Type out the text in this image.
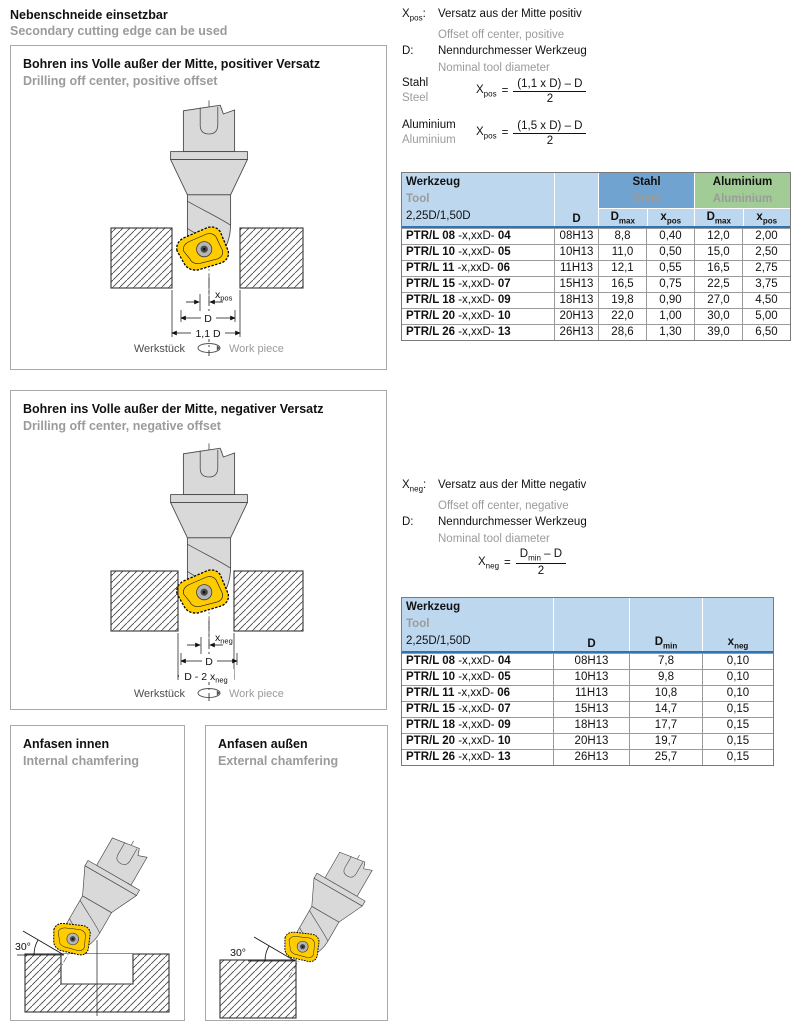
Nebenschneide einsetzbar
Secondary cutting edge can be used
Bohren ins Volle außer der Mitte, positiver Versatz
Drilling off center, positive offset
$x_{pos}$
D
1,1 D
Werkstück	Work piece
Bohren ins Volle außer der Mitte, negativer Versatz
Drilling off center, negative offset
$x_{neg}$
D
D - 2 $x_{neg}$
Werkstück	Work piece
Anfasen innen
Internal chamfering
30°
Anfasen außen
External chamfering
30°
$X_{pos}$:	Versatz aus der Mitte positiv
Offset off center, positive
D:	Nenndurchmesser Werkzeug
Nominal tool diameter
Stahl
Steel
$X_{pos} = \frac{\text{(1,1 x D) – D}}{2}$
Aluminium
Aluminium
$X_{pos} = \frac{\text{(1,5 x D) – D}}{2}$
Werkzeug
Tool
2,25D/1,50D	D
Stahl
Steel
$D_{max}$ $x_{pos}$
Aluminium
Aluminium
$D_{max}$ $x_{pos}$
PTR/L 08 -x,xxD- 04	08H13	8,8	0,40	12,0	2,00
PTR/L 10 -x,xxD- 05	10H13	11,0	0,50	15,0	2,50
PTR/L 11 -x,xxD- 06	11H13	12,1	0,55	16,5	2,75
PTR/L 15 -x,xxD- 07	15H13	16,5	0,75	22,5	3,75
PTR/L 18 -x,xxD- 09	18H13	19,8	0,90	27,0	4,50
PTR/L 20 -x,xxD- 10	20H13	22,0	1,00	30,0	5,00
PTR/L 26 -x,xxD- 13	26H13	28,6	1,30	39,0	6,50
$X_{neg}$:	Versatz aus der Mitte negativ
Offset off center, negative
D:	Nenndurchmesser Werkzeug
Nominal tool diameter
$X_{neg} = \frac{D_{min} - D}{2}$
Werkzeug
Tool
2,25D/1,50D	D	$D_{min}$	$x_{neg}$
PTR/L 08 -x,xxD- 04	08H13	7,8	0,10
PTR/L 10 -x,xxD- 05	10H13	9,8	0,10
PTR/L 11 -x,xxD- 06	11H13	10,8	0,10
PTR/L 15 -x,xxD- 07	15H13	14,7	0,15
PTR/L 18 -x,xxD- 09	18H13	17,7	0,15
PTR/L 20 -x,xxD- 10	20H13	19,7	0,15
PTR/L 26 -x,xxD- 13	26H13	25,7	0,15
